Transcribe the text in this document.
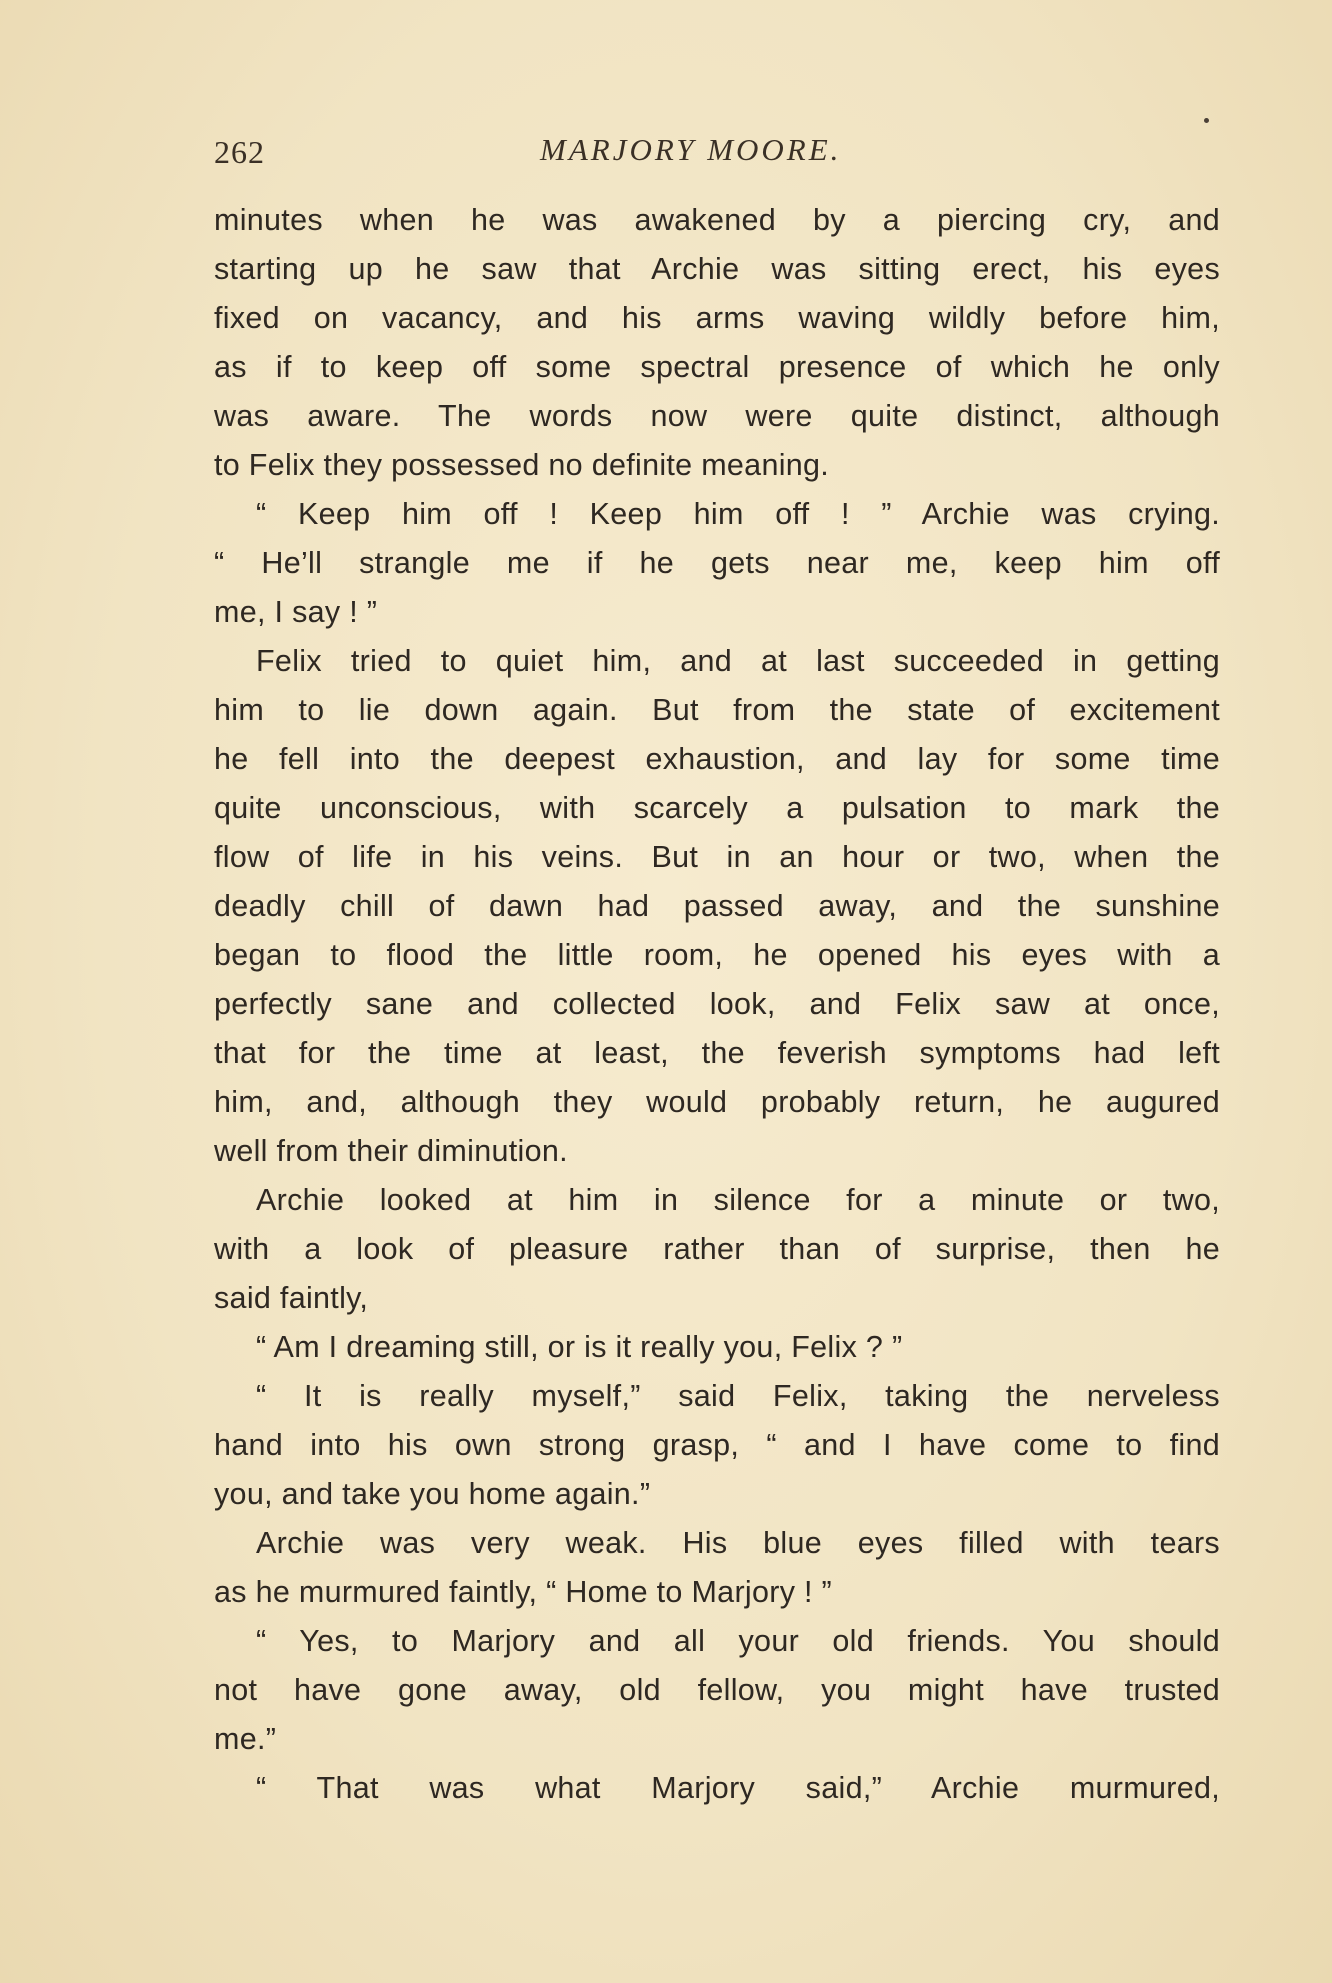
262	MARJORY MOORE.
minutes when he was awakened by a piercing cry, and
starting up he saw that Archie was sitting erect, his eyes
fixed on vacancy, and his arms waving wildly before him,
as if to keep off some spectral presence of which he only
was aware. The words now were quite distinct, although
to Felix they possessed no definite meaning.
“ Keep him off ! Keep him off ! ” Archie was crying.
“ He’ll strangle me if he gets near me, keep him off
me, I say ! ”
Felix tried to quiet him, and at last succeeded in getting
him to lie down again. But from the state of excitement
he fell into the deepest exhaustion, and lay for some time
quite unconscious, with scarcely a pulsation to mark the
flow of life in his veins. But in an hour or two, when the
deadly chill of dawn had passed away, and the sunshine
began to flood the little room, he opened his eyes with a
perfectly sane and collected look, and Felix saw at once,
that for the time at least, the feverish symptoms had left
him, and, although they would probably return, he augured
well from their diminution.
Archie looked at him in silence for a minute or two,
with a look of pleasure rather than of surprise, then he
said faintly,
“ Am I dreaming still, or is it really you, Felix ? ”
“ It is really myself,” said Felix, taking the nerveless
hand into his own strong grasp, “ and I have come to find
you, and take you home again.”
Archie was very weak. His blue eyes filled with tears
as he murmured faintly, “ Home to Marjory ! ”
“ Yes, to Marjory and all your old friends. You should
not have gone away, old fellow, you might have trusted
me.”
“ That was what Marjory said,” Archie murmured,
